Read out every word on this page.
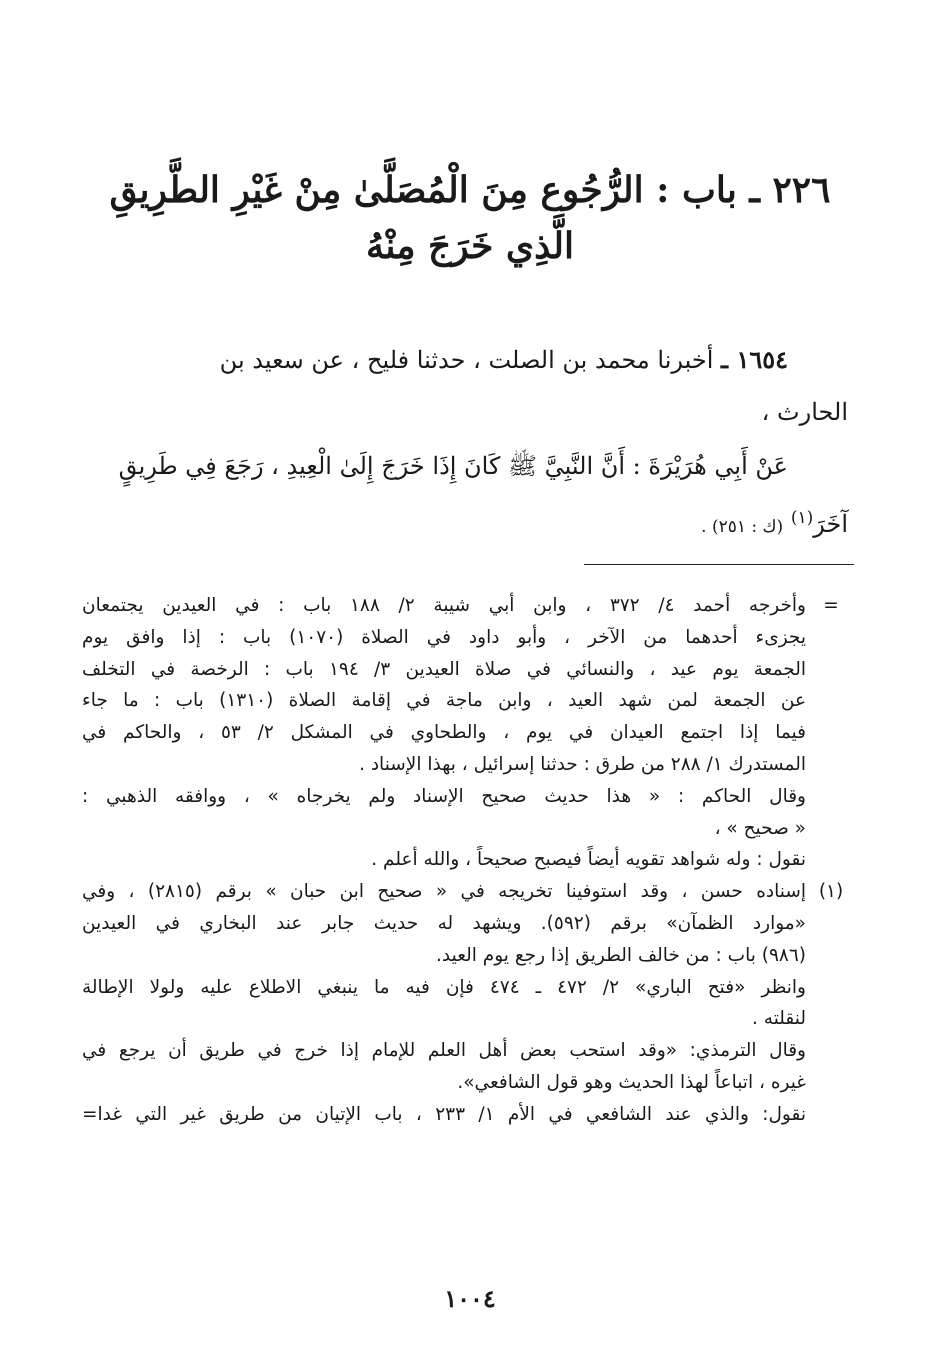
٢٢٦ ـ باب : الرُّجُوع مِنَ الْمُصَلَّىٰ مِنْ غَيْرِ الطَّرِيقِ
الَّذِي خَرَجَ مِنْهُ
١٦٥٤ ـ أخبرنا محمد بن الصلت ، حدثنا فليح ، عن سعيد بن
الحارث ،
عَنْ أَبِي هُرَيْرَةَ : أَنَّ النَّبِيَّ ﷺ كَانَ إِذَا خَرَجَ إِلَىٰ الْعِيدِ ، رَجَعَ فِي طَرِيقٍ
آخَرَ$^{(١)}$ (ك : ٢٥١) .
=
وأخرجه أحمد ٤/ ٣٧٢ ، وابن أبي شيبة ٢/ ١٨٨ باب : في العيدين يجتمعان
يجزىء أحدهما من الآخر ، وأبو داود في الصلاة (١٠٧٠) باب : إذا وافق يوم
الجمعة يوم عيد ، والنسائي في صلاة العيدين ٣/ ١٩٤ باب : الرخصة في التخلف
عن الجمعة لمن شهد العيد ، وابن ماجة في إقامة الصلاة (١٣١٠) باب : ما جاء
فيما إذا اجتمع العيدان في يوم ، والطحاوي في المشكل ٢/ ٥٣ ، والحاكم في
المستدرك ١/ ٢٨٨ من طرق : حدثنا إسرائيل ، بهذا الإسناد .
وقال الحاكم : « هذا حديث صحيح الإسناد ولم يخرجاه » ، ووافقه الذهبي :
« صحيح » ،
نقول : وله شواهد تقويه أيضاً فيصبح صحيحاً ، والله أعلم .
(١)
إسناده حسن ، وقد استوفينا تخريجه في « صحيح ابن حبان » برقم (٢٨١٥) ، وفي
«موارد الظمآن» برقم (٥٩٢). ويشهد له حديث جابر عند البخاري في العيدين
(٩٨٦) باب : من خالف الطريق إذا رجع يوم العيد.
وانظر «فتح الباري» ٢/ ٤٧٢ ـ ٤٧٤ فإن فيه ما ينبغي الاطلاع عليه ولولا الإطالة
لنقلته .
وقال الترمذي: «وقد استحب بعض أهل العلم للإمام إذا خرج في طريق أن يرجع في
غيره ، اتباعاً لهذا الحديث وهو قول الشافعي».
نقول: والذي عند الشافعي في الأم ١/ ٢٣٣ ، باب الإتيان من طريق غير التي غدا=
١٠٠٤
